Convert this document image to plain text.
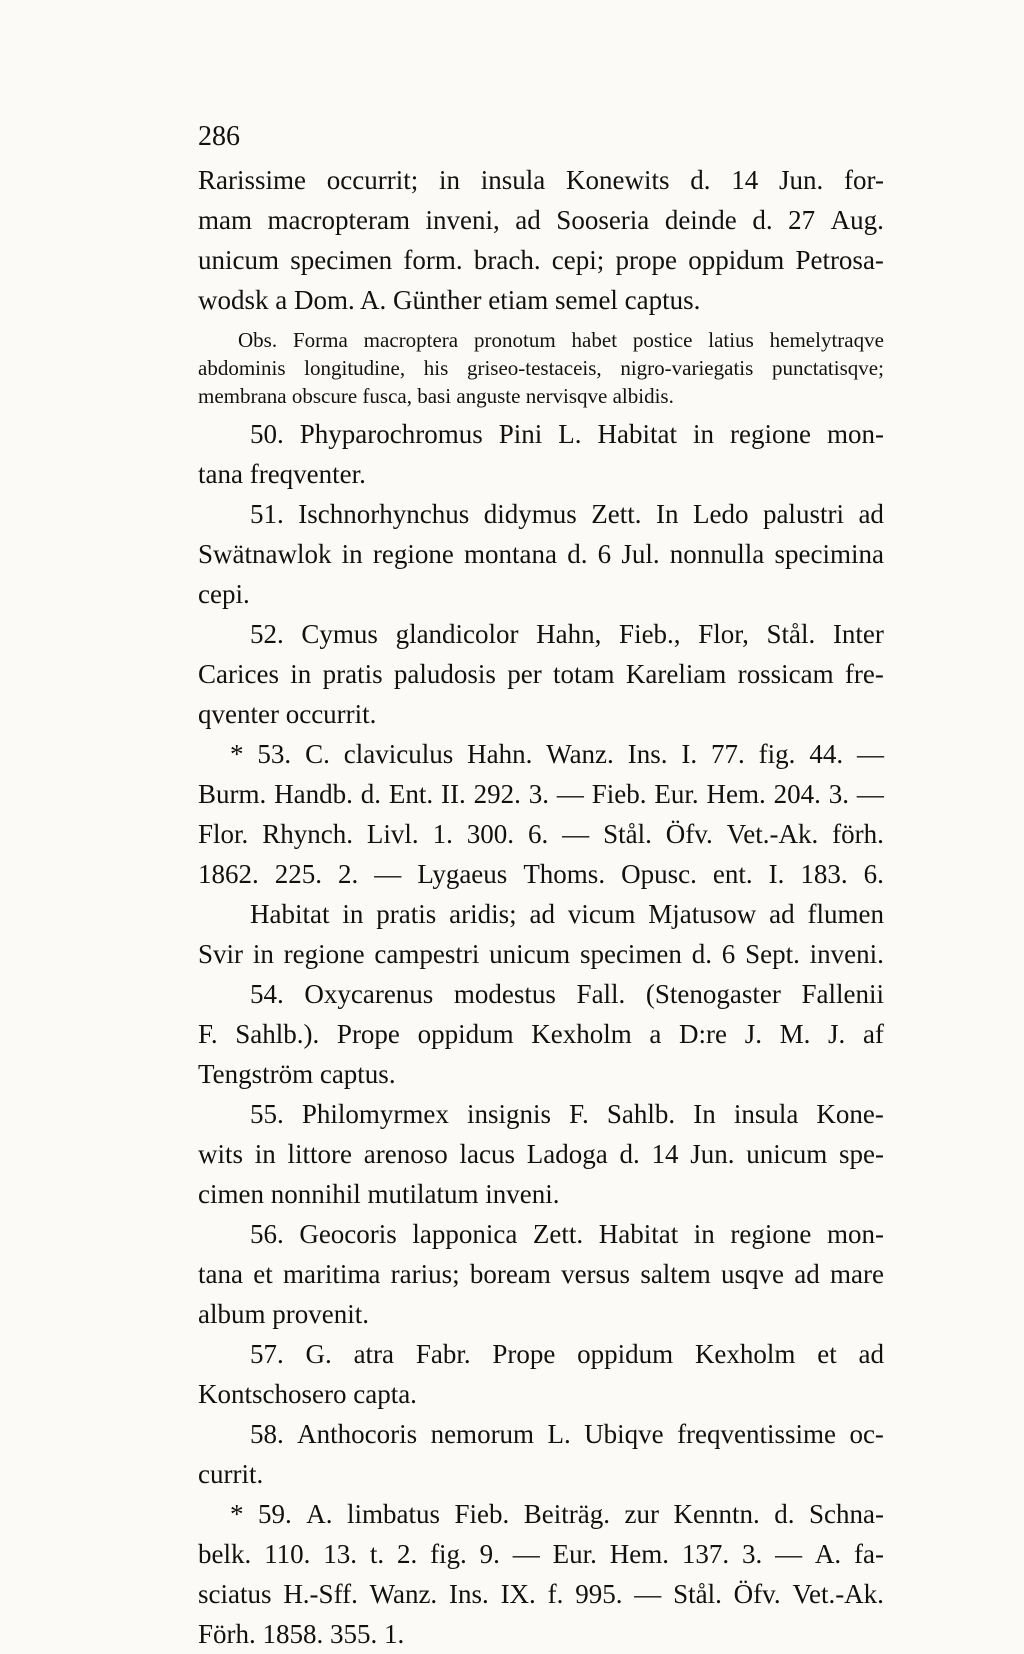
286
Rarissime occurrit; in insula Konewits d. 14 Jun. for-
mam macropteram inveni, ad Sooseria deinde d. 27 Aug.
unicum specimen form. brach. cepi; prope oppidum Petrosa-
wodsk a Dom. A. Günther etiam semel captus.
Obs. Forma macroptera pronotum habet postice latius hemelytraqve
abdominis longitudine, his griseo-testaceis, nigro-variegatis punctatisqve;
membrana obscure fusca, basi anguste nervisqve albidis.
50. Phyparochromus Pini L. Habitat in regione mon-
tana freqventer.
51. Ischnorhynchus didymus Zett. In Ledo palustri ad
Swätnawlok in regione montana d. 6 Jul. nonnulla specimina
cepi.
52. Cymus glandicolor Hahn, Fieb., Flor, Stål. Inter
Carices in pratis paludosis per totam Kareliam rossicam fre-
qventer occurrit.
* 53. C. claviculus Hahn. Wanz. Ins. I. 77. fig. 44. —
Burm. Handb. d. Ent. II. 292. 3. — Fieb. Eur. Hem. 204. 3. —
Flor. Rhynch. Livl. 1. 300. 6. — Stål. Öfv. Vet.-Ak. förh.
1862. 225. 2. — Lygaeus Thoms. Opusc. ent. I. 183. 6.
Habitat in pratis aridis; ad vicum Mjatusow ad flumen
Svir in regione campestri unicum specimen d. 6 Sept. inveni.
54. Oxycarenus modestus Fall. (Stenogaster Fallenii
F. Sahlb.). Prope oppidum Kexholm a D:re J. M. J. af
Tengström captus.
55. Philomyrmex insignis F. Sahlb. In insula Kone-
wits in littore arenoso lacus Ladoga d. 14 Jun. unicum spe-
cimen nonnihil mutilatum inveni.
56. Geocoris lapponica Zett. Habitat in regione mon-
tana et maritima rarius; boream versus saltem usqve ad mare
album provenit.
57. G. atra Fabr. Prope oppidum Kexholm et ad
Kontschosero capta.
58. Anthocoris nemorum L. Ubiqve freqventissime oc-
currit.
* 59. A. limbatus Fieb. Beiträg. zur Kenntn. d. Schna-
belk. 110. 13. t. 2. fig. 9. — Eur. Hem. 137. 3. — A. fa-
sciatus H.-Sff. Wanz. Ins. IX. f. 995. — Stål. Öfv. Vet.-Ak.
Förh. 1858. 355. 1.
